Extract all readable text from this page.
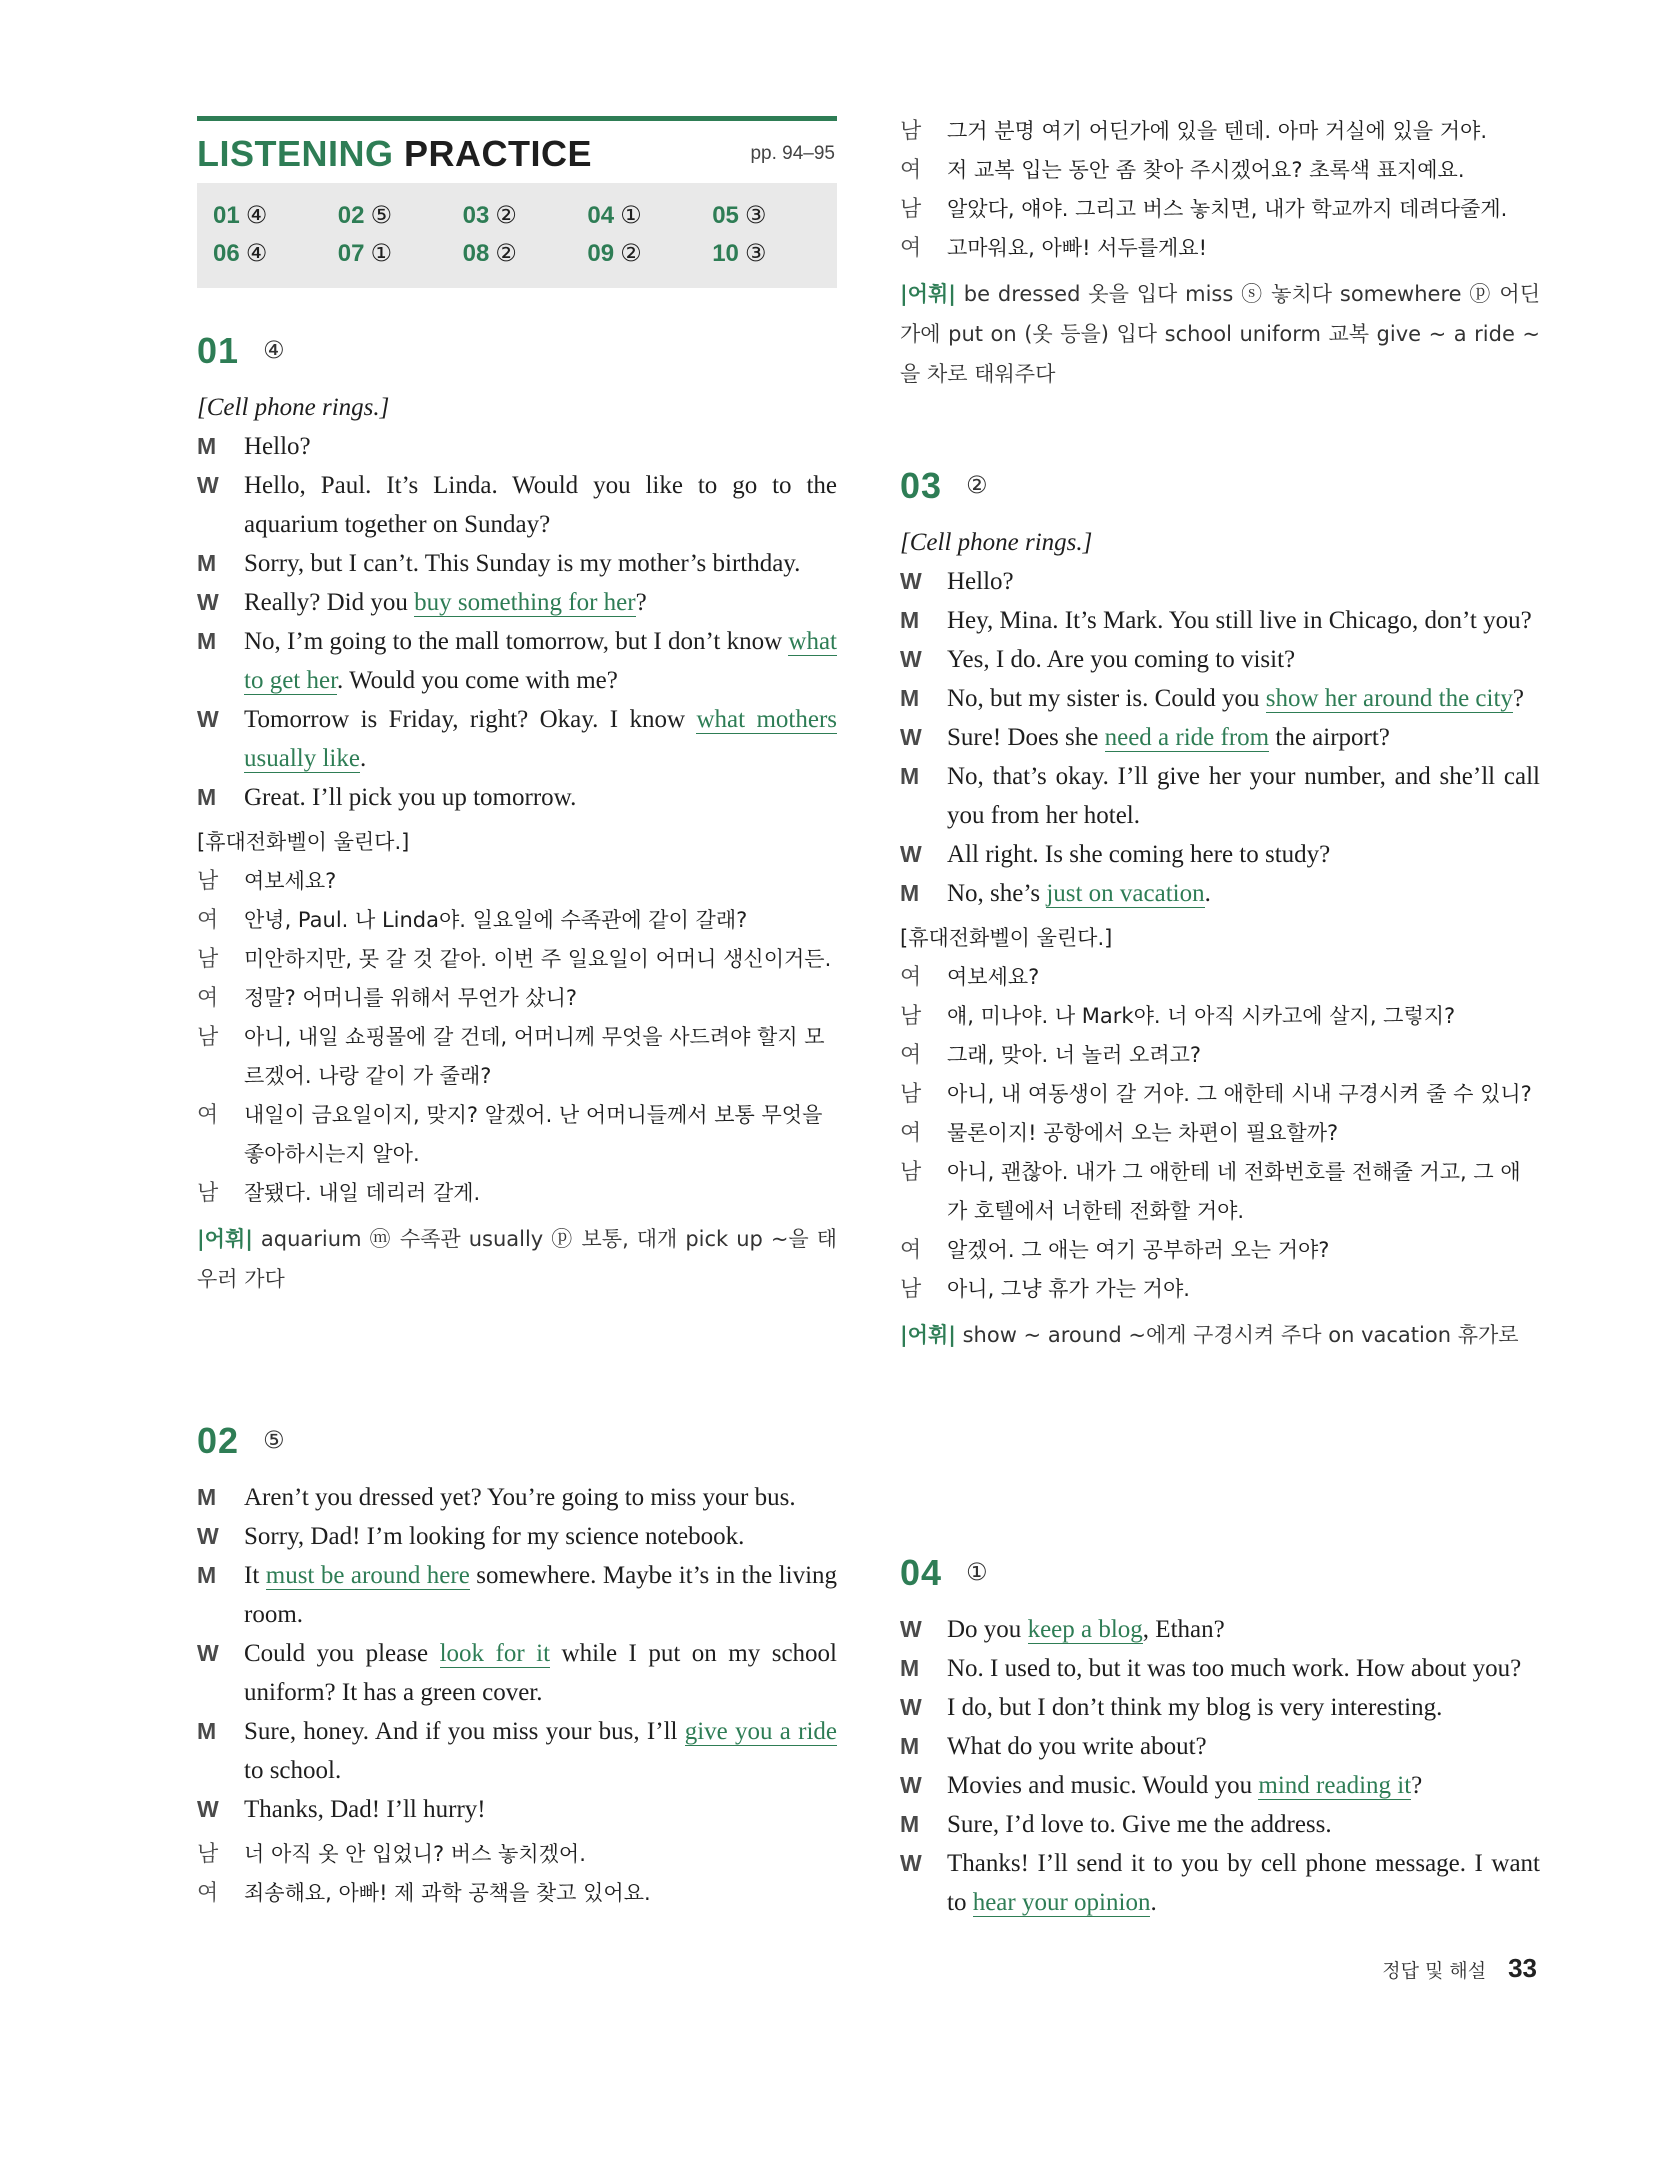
LISTENING PRACTICE	pp. 94–95
01 ④	02 ⑤	03 ②	04 ①	05 ③
06 ④	07 ①	08 ②	09 ②	10 ③
01 ④
[Cell phone rings.]
M Hello?
W Hello, Paul. It’s Linda. Would you like to go to the aquarium together on Sunday?
M Sorry, but I can’t. This Sunday is my mother’s birthday.
W Really? Did you buy something for her?
M No, I’m going to the mall tomorrow, but I don’t know what to get her. Would you come with me?
W Tomorrow is Friday, right? Okay. I know what mothers usually like.
M Great. I’ll pick you up tomorrow.
[휴대전화벨이 울린다.]
남 여보세요?
여 안녕, Paul. 나 Linda야. 일요일에 수족관에 같이 갈래?
남 미안하지만, 못 갈 것 같아. 이번 주 일요일이 어머니 생신이거든.
여 정말? 어머니를 위해서 무언가 샀니?
남 아니, 내일 쇼핑몰에 갈 건데, 어머니께 무엇을 사드려야 할지 모르겠어. 나랑 같이 가 줄래?
여 내일이 금요일이지, 맞지? 알겠어. 난 어머니들께서 보통 무엇을 좋아하시는지 알아.
남 잘됐다. 내일 데리러 갈게.
|어휘| aquarium ⓜ 수족관 usually ⓟ 보통, 대개 pick up ~을 태우러 가다
02 ⑤
M Aren’t you dressed yet? You’re going to miss your bus.
W Sorry, Dad! I’m looking for my science notebook.
M It must be around here somewhere. Maybe it’s in the living room.
W Could you please look for it while I put on my school uniform? It has a green cover.
M Sure, honey. And if you miss your bus, I’ll give you a ride to school.
W Thanks, Dad! I’ll hurry!
남 너 아직 옷 안 입었니? 버스 놓치겠어.
여 죄송해요, 아빠! 제 과학 공책을 찾고 있어요.
남 그거 분명 여기 어딘가에 있을 텐데. 아마 거실에 있을 거야.
여 저 교복 입는 동안 좀 찾아 주시겠어요? 초록색 표지예요.
남 알았다, 얘야. 그리고 버스 놓치면, 내가 학교까지 데려다줄게.
여 고마워요, 아빠! 서두를게요!
|어휘| be dressed 옷을 입다 miss ⓢ 놓치다 somewhere ⓟ 어딘가에 put on (옷 등을) 입다 school uniform 교복 give ~ a ride ~을 차로 태워주다
03 ②
[Cell phone rings.]
W Hello?
M Hey, Mina. It’s Mark. You still live in Chicago, don’t you?
W Yes, I do. Are you coming to visit?
M No, but my sister is. Could you show her around the city?
W Sure! Does she need a ride from the airport?
M No, that’s okay. I’ll give her your number, and she’ll call you from her hotel.
W All right. Is she coming here to study?
M No, she’s just on vacation.
[휴대전화벨이 울린다.]
여 여보세요?
남 얘, 미나야. 나 Mark야. 너 아직 시카고에 살지, 그렇지?
여 그래, 맞아. 너 놀러 오려고?
남 아니, 내 여동생이 갈 거야. 그 애한테 시내 구경시켜 줄 수 있니?
여 물론이지! 공항에서 오는 차편이 필요할까?
남 아니, 괜찮아. 내가 그 애한테 네 전화번호를 전해줄 거고, 그 애가 호텔에서 너한테 전화할 거야.
여 알겠어. 그 애는 여기 공부하러 오는 거야?
남 아니, 그냥 휴가 가는 거야.
|어휘| show ~ around ~에게 구경시켜 주다 on vacation 휴가로
04 ①
W Do you keep a blog, Ethan?
M No. I used to, but it was too much work. How about you?
W I do, but I don’t think my blog is very interesting.
M What do you write about?
W Movies and music. Would you mind reading it?
M Sure, I’d love to. Give me the address.
W Thanks! I’ll send it to you by cell phone message. I want to hear your opinion.
정답 및 해설 33
